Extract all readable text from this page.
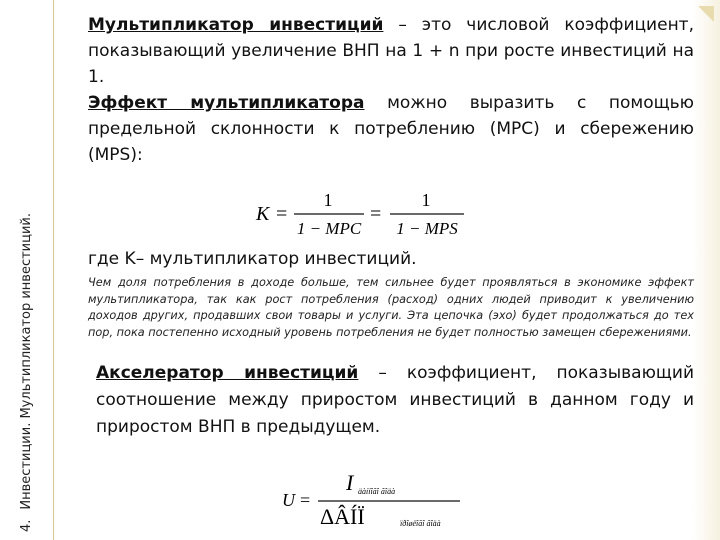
4.Инвестиции. Мультипликатор инвестиций.

Мультипликатор инвестиций – это числовой коэффициент, показывающий увеличение ВНП на 1 + n при росте инвестиций на 1.

Эффект мультипликатора можно выразить с помощью предельной склонности к потреблению (MPC) и сбережению (MPS):

K =
1
1 − MPC
=
1
1 − MPS

где K– мультипликатор инвестиций.

Чем доля потребления в доходе больше, тем сильнее будет проявляться в экономике эффект мультипликатора, так как рост потребления (расход) одних людей приводит к увеличению доходов других, продавших свои товары и услуги. Эта цепочка (эхо) будет продолжаться до тех пор, пока постепенно исходный уровень потребления не будет полностью замещен сбережениями.

Акселератор инвестиций – коэффициент, показывающий соотношение между приростом инвестиций в данном году и приростом ВНП в предыдущем.

U =
I äàííîãî ãîäà
ΔÂÍÏ	ïðîøëîãî ãîäà
